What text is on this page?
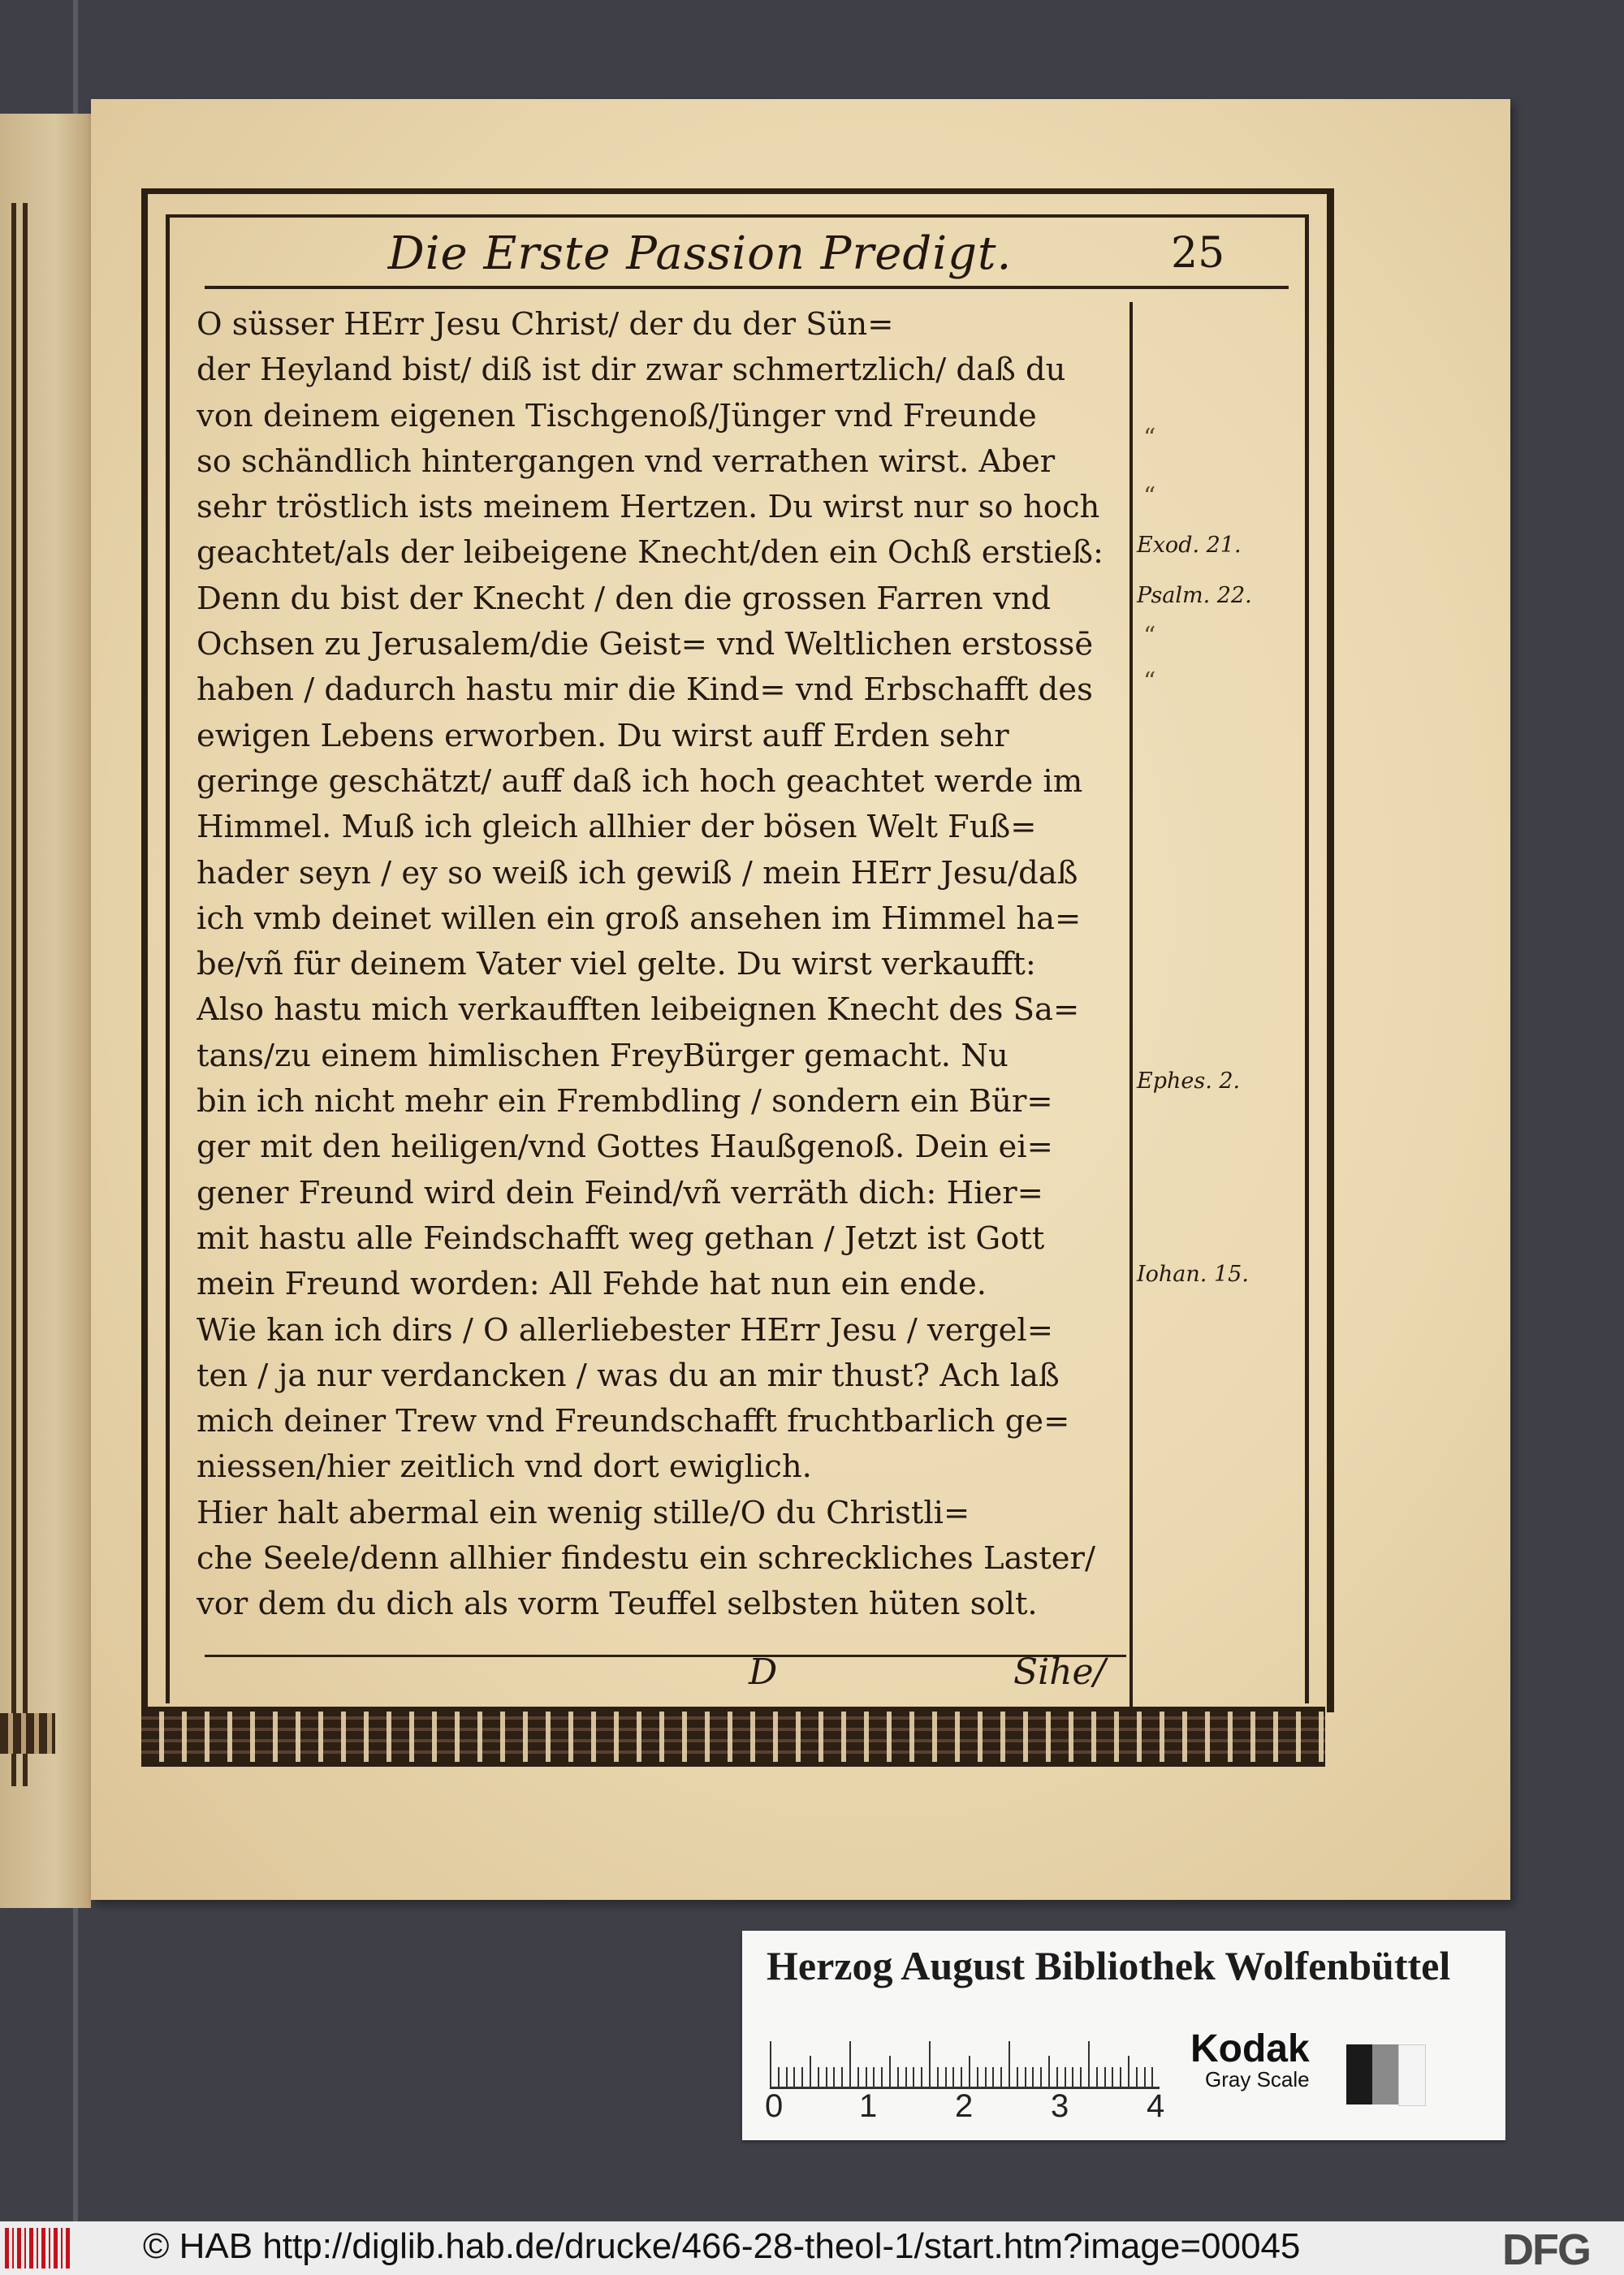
Die Erste Passion Predigt.	25
O süsser HErr Jesu Christ/ der du der Sün=
der Heyland bist/ diß ist dir zwar schmertzlich/ daß du
von deinem eigenen Tischgenoß/Jünger vnd Freunde
so schändlich hintergangen vnd verrathen wirst. Aber
sehr tröstlich ists meinem Hertzen. Du wirst nur so hoch
geachtet/als der leibeigene Knecht/den ein Ochß erstieß:
Denn du bist der Knecht / den die grossen Farren vnd
Ochsen zu Jerusalem/die Geist= vnd Weltlichen erstossē
haben / dadurch hastu mir die Kind= vnd Erbschafft des
ewigen Lebens erworben. Du wirst auff Erden sehr
geringe geschätzt/ auff daß ich hoch geachtet werde im
Himmel. Muß ich gleich allhier der bösen Welt Fuß=
hader seyn / ey so weiß ich gewiß / mein HErr Jesu/daß
ich vmb deinet willen ein groß ansehen im Himmel ha=
be/vñ für deinem Vater viel gelte. Du wirst verkaufft:
Also hastu mich verkaufften leibeignen Knecht des Sa=
tans/zu einem himlischen FreyBürger gemacht. Nu
bin ich nicht mehr ein Frembdling / sondern ein Bür=
ger mit den heiligen/vnd Gottes Haußgenoß. Dein ei=
gener Freund wird dein Feind/vñ verräth dich: Hier=
mit hastu alle Feindschafft weg gethan / Jetzt ist Gott
mein Freund worden: All Fehde hat nun ein ende.
Wie kan ich dirs / O allerliebester HErr Jesu / vergel=
ten / ja nur verdancken / was du an mir thust? Ach laß
mich deiner Trew vnd Freundschafft fruchtbarlich ge=
niessen/hier zeitlich vnd dort ewiglich.
Hier halt abermal ein wenig stille/O du Christli=
che Seele/denn allhier findestu ein schreckliches Laster/
vor dem du dich als vorm Teuffel selbsten hüten solt.
“
“
“
“
Exod. 21.
Psalm. 22.
Ephes. 2.
Iohan. 15.
D	Sihe/
Herzog August Bibliothek Wolfenbüttel
0 1 2 3 4
Kodak
Gray Scale
© HAB http://diglib.hab.de/drucke/466-28-theol-1/start.htm?image=00045	DFG
